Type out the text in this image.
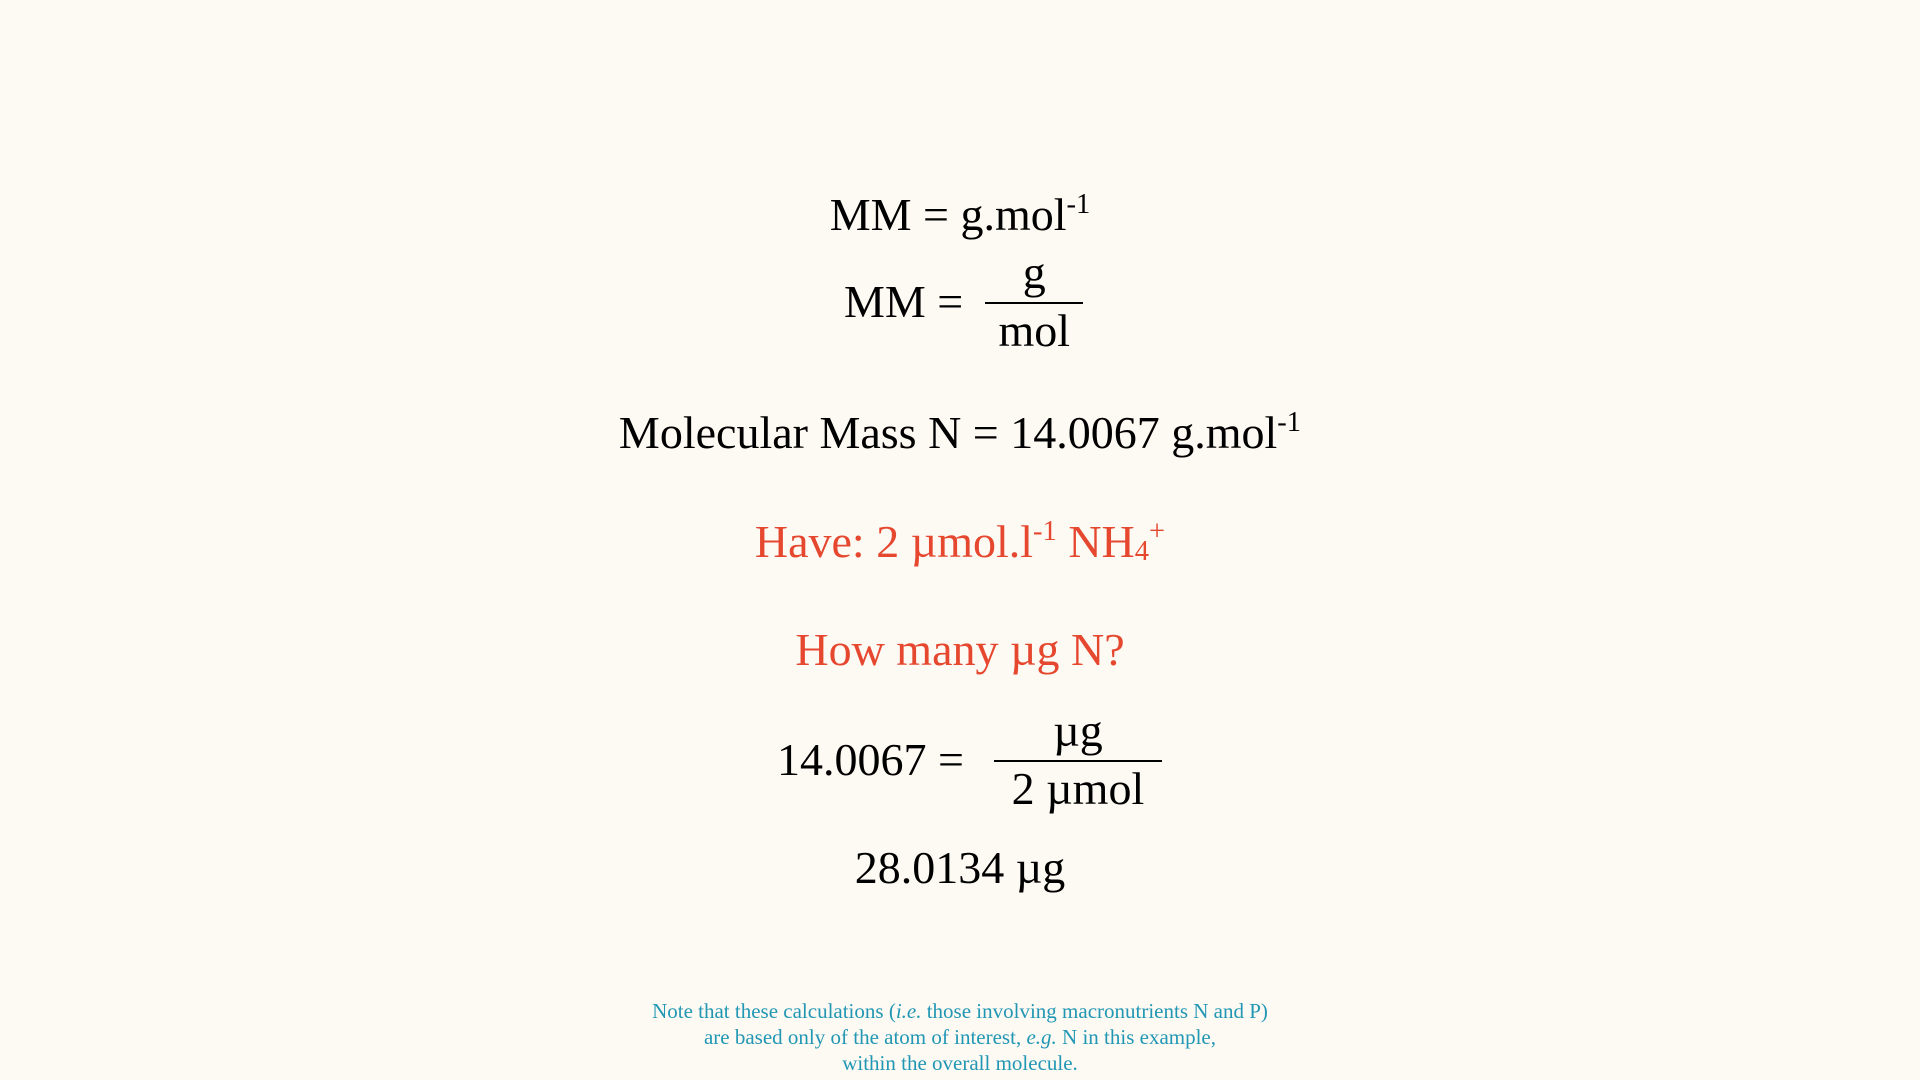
MM = g.mol$^{-1}$
MM = $\frac{g}{\text{mol}}$
Molecular Mass N = 14.0067 g.mol$^{-1}$
Have: 2 $\mu mol.l^{-1}$ $NH_4^+$
How many µg N?
$14.0067 = \frac{\text{µg}}{\text{2 µmol}}$
28.0134 µg
Note that these calculations (i.e. those involving macronutrients N and P)
are based only of the atom of interest, e.g. N in this example,
within the overall molecule.
